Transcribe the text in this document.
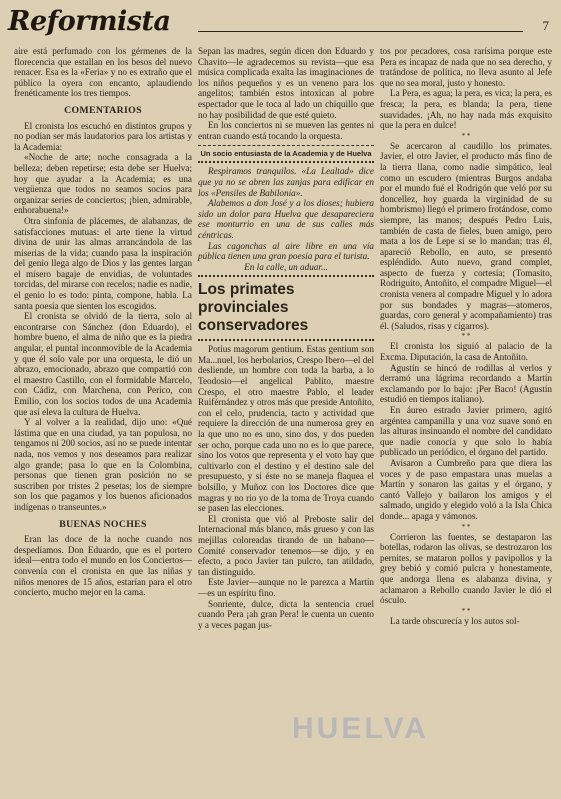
Reformista	7

aire está perfumado con los gérmenes de la florecencia que estallan en los besos del nuevo renacer. Esa es la «Feria» y no es extraño que el público la oyera con encanto, aplaudiendo frenéticamente los tres tiempos.

COMENTARIOS

El cronista los escuchó en distintos grupos y no podían ser más laudatorios para los artistas y la Academia:

«Noche de arte; noche consagrada a la belleza; deben repetirse; esta debe ser Huelva; hoy que ayudar a la Academia; es una vergüenza que todos no seamos socios para organizar series de conciertos; ¡bien, admirable, enhorabuena!»

Otra sinfonía de plácemes, de alabanzas, de satisfacciones mutuas: el arte tiene la virtud divina de unir las almas arrancándola de las miserias de la vida; cuando pasa la inspiración del genio llega algo de Dios y las gentes largan el mísero bagaje de envidias, de voluntades torcidas, del mirarse con recelos; nadie es nadie, el genio lo es todo: pinta, compone, habla. La santa poesía que sienten los escogidos.

El cronista se olvidó de la tierra, solo al encontrarse con Sánchez (don Eduardo), el hombre bueno, el alma de niño que es la piedra angular, el puntal inconmovible de la Academia y que él solo vale por una orquesta, le dió un abrazo, emocionado, abrazo que compartió con el maestro Castillo, con el formidable Marcelo, con Cádiz, con Marchena, con Perico, con Emilio, con los socios todos de una Academia que así eleva la cultura de Huelva.

Y al volver a la realidad, dijo uno: «Qué lástima que en una ciudad, ya tan populosa, no tengamos ni 200 socios, así no se puede intentar nada, nos vemos y nos deseamos para realizar algo grande; pasa lo que en la Colombina, personas que tienen gran posición no se suscriben por tristes 2 pesetas; los de siempre son los que pagamos y los buenos aficionados indígenas o transeuntes.»

BUENAS NOCHES

Eran las doce de la noche cuando nos despedíamos. Don Eduardo, que es el portero ideal—entra todo el mundo en los Conciertos—convenía con el cronista en que las niñas y niños menores de 15 años, estarían para el otro concierto, mucho mejor en la cama.

Sepan las madres, según dicen don Eduardo y Chavito—le agradecemos su revista—que esa música complicada exalta las imaginaciones de los niños pequeños y es un veneno para los angelitos; también estos intoxican al pobre espectador que le toca al lado un chiquillo que no hay posibilidad de que esté quieto.

En los conciertos ni se mueven las gentes ni entran cuando está tocando la orquesta.

Un socio entusiasta de la Academia y de Huelva

Respiramos tranquilos. «La Lealtad» dice que ya no se abren las zanjas para edificar en los «Pensiles de Babilonia».

Alabemos a don José y a los dioses; hubiera sido un dolor para Huelva que desapareciera ese monturrio en una de sus calles más céntricas.

Las cagonchas al aire libre en una vía pública tienen una gran poesía para el turista.

En la calle, un aduar...

Los primates provinciales conservadores

Potius magorum gentium. Estas gentium son Ma...nuel, los herbolarios, Crespo Ibero—el del desliende, un hombre con toda la barba, a lo Teodosio—el angelical Pablito, maestre Crespo, el otro maestre Pablo, el leader Ruiférnández y otros más que preside Antoñito, con el celo, prudencia, tacto y actividad que requiere la dirección de una numerosa grey en la que uno no es uno, sino dos, y dos pueden ser ocho, porque cada uno no es lo que parece, sino los votos que representa y el voto hay que cultivarlo con el destino y el destino sale del presupuesto, y si éste no se maneja flaquea el bolsillo, y Muñoz con los Doctores dice que magras y no rio yo de la toma de Troya cuando se pasen las elecciones.

El cronista que vió al Preboste salir del Internacional más blanco, más grueso y con las mejillas coloreadas tirando de un habano—Comité conservador tenemos—se dijo, y en efecto, a poco Javier tan pulcro, tan atildado, tan distinguido.

Este Javier—aunque no le parezca a Martín—es un espíritu fino.

Sonriente, dulce, dicta la sentencia cruel cuando Pera ¡ah gran Pera! le cuenta un cuento y a veces pagan jus-

tos por pecadores, cosa rarísima porque este Pera es incapaz de nada que no sea derecho, y tratándose de política, no lleva asunto al Jefe que no sea moral, justo y honesto.

La Pera, es agua; la pera, es vica; la pera, es fresca; la pera, es blanda; la pera, tiene suavidades. ¡Ah, no hay nada más exquisito que la pera en dulce!

* *

Se acercaron al caudillo los primates. Javier, el otro Javier, el producto más fino de la tierra llana, como nadie simpático, leal como un escudero (mientras Burgos andaba por el mundo fué el Rodrigón que veló por su doncellez, hoy guarda la virginidad de su hombrismo) llegó el primero frotándose, como siempre, las manos; después Pedro Luis, también de casta de fieles, buen amigo, pero mata a los de Lepe si se lo mandan; tras él, apareció Rebollo, en auto, se presentó espléndido. Auto nuevo, grand complet, aspecto de fuerza y cortesía; (Tomasito, Rodriguito, Antoñito, el compadre Miguel—el cronista venera al compadre Miguel y lo adora por sus bondades y magras—atomeros, guardas, coro general y acompañamiento) tras él. (Saludos, risas y cigarros).

* *

El cronista los siguió al palacio de la Excma. Diputación, la casa de Antoñito.

Agustín se hincó de rodillas al verlos y derramó una lágrima recordando a Martín exclamando por lo bajo: ¡Per Baco! (Agustín estudió en tiempos italiano).

En áureo estrado Javier primero, agitó argéntea campanilla y una voz suave sonó en las alturas insinuando el nombre del candidato que nadie conocía y que solo lo había publicado un periódico, el órgano del partido.

Avisaron a Cumbreño para que diera las voces y de paso empastara unas muelas a Martín y sonaron las gaitas y el órgano, y cantó Vallejo y bailaron los amigos y el salmado, ungido y elegido voló a la Isla Chica donde... apaga y vámonos.

* *

Corrieron las fuentes, se destaparon las botellas, rodaron las olivas, se destrozaron los pernites, se mataron pollos y pavipollos y la grey bebió y comió pulcra y honestamente, que andorga llena es alabanza divina, y aclamaron a Rebollo cuando Javier le dió el ósculo.

* *

La tarde obscurecía y los autos sol-

HUELVA
